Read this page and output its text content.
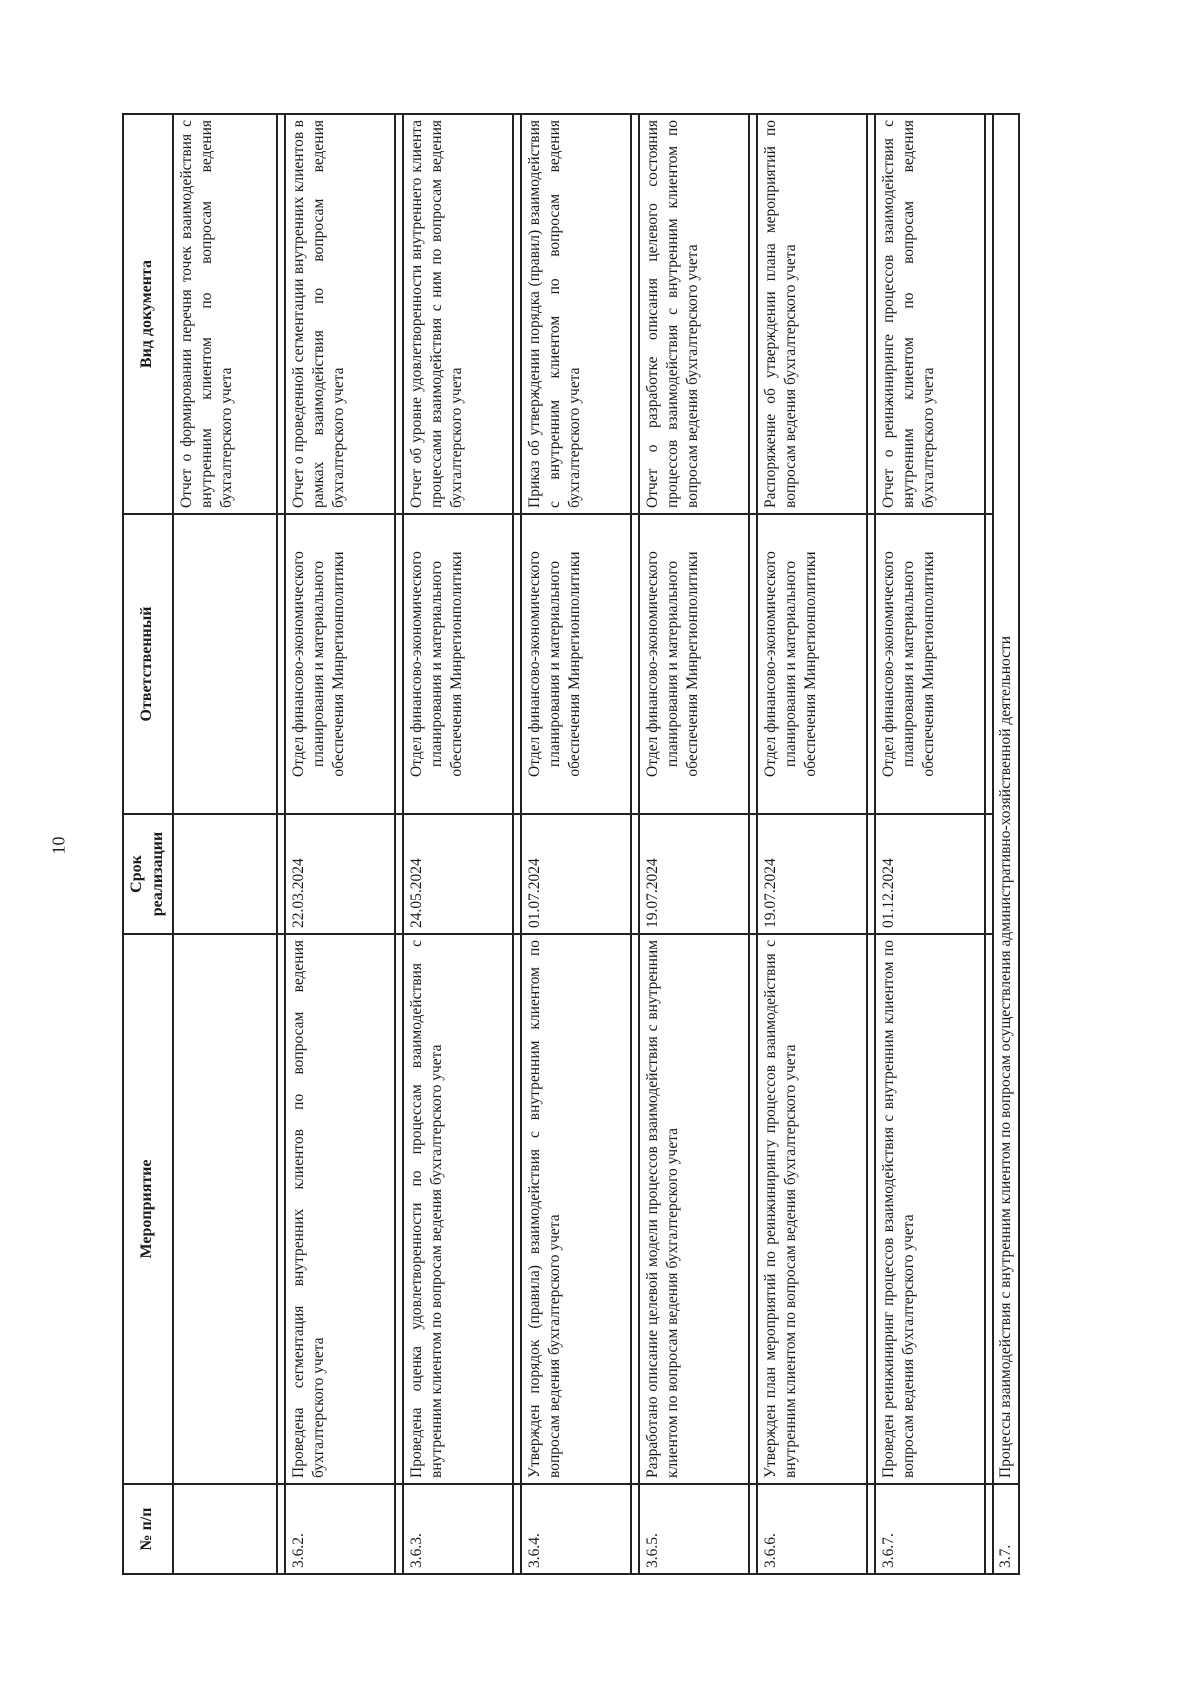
10
№ п/п	Мероприятие	Срок реализации	Ответственный	Вид документа
				Отчет о формировании перечня точек взаимодействия с внутренним клиентом по вопросам ведения бухгалтерского учета

3.6.2.	Проведена сегментация внутренних клиентов по вопросам ведения бухгалтерского учета	22.03.2024	Отдел финансово-экономического планирования и материального обеспечения Минрегионполитики	Отчет о проведенной сегментации внутренних клиентов в рамках взаимодействия по вопросам ведения бухгалтерского учета

3.6.3.	Проведена оценка удовлетворенности по процессам взаимодействия с внутренним клиентом по вопросам ведения бухгалтерского учета	24.05.2024	Отдел финансово-экономического планирования и материального обеспечения Минрегионполитики	Отчет об уровне удовлетворенности внутреннего клиента процессами взаимодействия с ним по вопросам ведения бухгалтерского учета

3.6.4.	Утвержден порядок (правила) взаимодействия с внутренним клиентом по вопросам ведения бухгалтерского учета	01.07.2024	Отдел финансово-экономического планирования и материального обеспечения Минрегионполитики	Приказ об утверждении порядка (правил) взаимодействия с внутренним клиентом по вопросам ведения бухгалтерского учета

3.6.5.	Разработано описание целевой модели процессов взаимодействия с внутренним клиентом по вопросам ведения бухгалтерского учета	19.07.2024	Отдел финансово-экономического планирования и материального обеспечения Минрегионполитики	Отчет о разработке описания целевого состояния процессов взаимодействия с внутренним клиентом по вопросам ведения бухгалтерского учета

3.6.6.	Утвержден план мероприятий по реинжинирингу процессов взаимодействия с внутренним клиентом по вопросам ведения бухгалтерского учета	19.07.2024	Отдел финансово-экономического планирования и материального обеспечения Минрегионполитики	Распоряжение об утверждении плана мероприятий по вопросам ведения бухгалтерского учета

3.6.7.	Проведен реинжиниринг процессов взаимодействия с внутренним клиентом по вопросам ведения бухгалтерского учета	01.12.2024	Отдел финансово-экономического планирования и материального обеспечения Минрегионполитики	Отчет о реинжиниринге процессов взаимодействия с внутренним клиентом по вопросам ведения бухгалтерского учета

3.7.	Процессы взаимодействия с внутренним клиентом по вопросам осуществления административно-хозяйственной деятельности			
